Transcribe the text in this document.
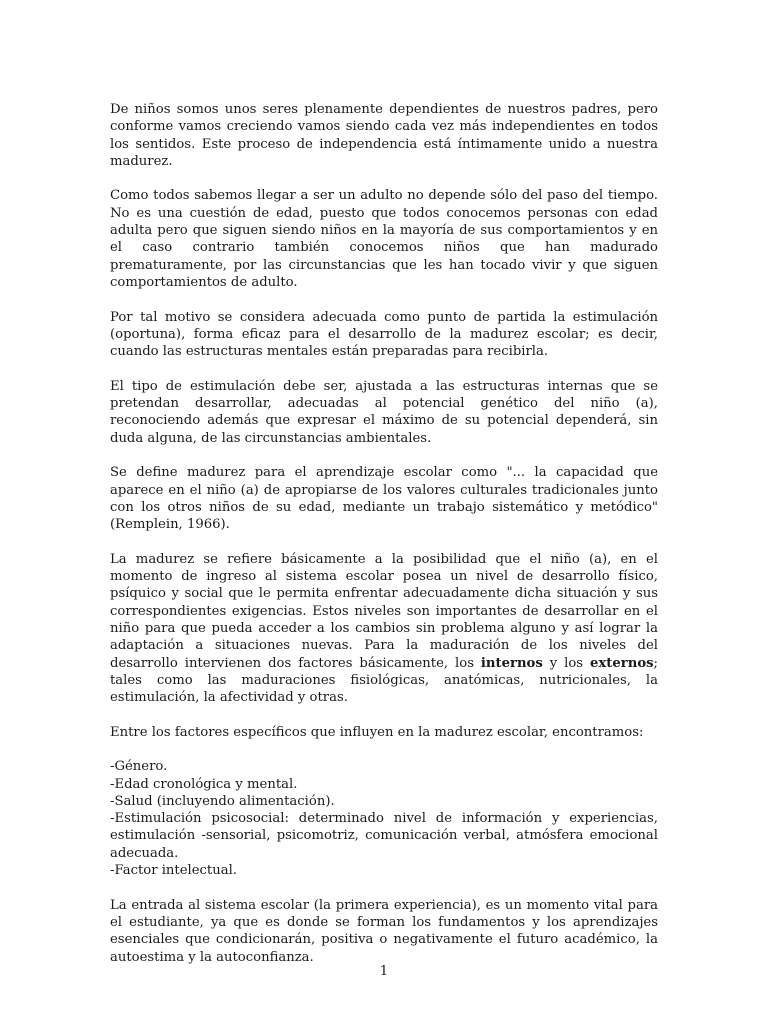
De niños somos unos seres plenamente dependientes de nuestros padres, pero
conforme vamos creciendo vamos siendo cada vez más independientes en todos
los sentidos. Este proceso de independencia está íntimamente unido a nuestra
madurez.

Como todos sabemos llegar a ser un adulto no depende sólo del paso del tiempo.
No es una cuestión de edad, puesto que todos conocemos personas con edad
adulta pero que siguen siendo niños en la mayoría de sus comportamientos y en
el caso contrario también conocemos niños que han madurado
prematuramente, por las circunstancias que les han tocado vivir y que siguen
comportamientos de adulto.

Por tal motivo se considera adecuada como punto de partida la estimulación
(oportuna), forma eficaz para el desarrollo de la madurez escolar; es decir,
cuando las estructuras mentales están preparadas para recibirla.

El tipo de estimulación debe ser, ajustada a las estructuras internas que se
pretendan desarrollar, adecuadas al potencial genético del niño (a),
reconociendo además que expresar el máximo de su potencial dependerá, sin
duda alguna, de las circunstancias ambientales.

Se define madurez para el aprendizaje escolar como "... la capacidad que
aparece en el niño (a) de apropiarse de los valores culturales tradicionales junto
con los otros niños de su edad, mediante un trabajo sistemático y metódico"
(Remplein, 1966).

La madurez se refiere básicamente a la posibilidad que el niño (a), en el
momento de ingreso al sistema escolar posea un nivel de desarrollo físico,
psíquico y social que le permita enfrentar adecuadamente dicha situación y sus
correspondientes exigencias. Estos niveles son importantes de desarrollar en el
niño para que pueda acceder a los cambios sin problema alguno y así lograr la
adaptación a situaciones nuevas. Para la maduración de los niveles del
desarrollo intervienen dos factores básicamente, los internos y los externos;
tales como las maduraciones fisiológicas, anatómicas, nutricionales, la
estimulación, la afectividad y otras.

Entre los factores específicos que influyen en la madurez escolar, encontramos:

-Género.
-Edad cronológica y mental.
-Salud (incluyendo alimentación).
-Estimulación psicosocial: determinado nivel de información y experiencias,
estimulación -sensorial, psicomotriz, comunicación verbal, atmósfera emocional
adecuada.
-Factor intelectual.

La entrada al sistema escolar (la primera experiencia), es un momento vital para
el estudiante, ya que es donde se forman los fundamentos y los aprendizajes
esenciales que condicionarán, positiva o negativamente el futuro académico, la
autoestima y la autoconfianza.

1
